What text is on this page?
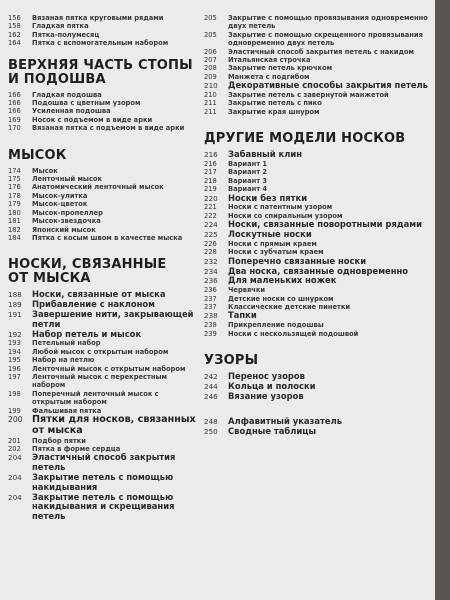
156	Вязаная пятка круговыми рядами
158	Гладкая пятка
162	Пятка-полумесяц
164	Пятка с вспомогательным набором
ВЕРХНЯЯ ЧАСТЬ СТОПЫ
И ПОДОШВА
166	Гладкая подошва
166	Подошва с цветным узором
166	Усиленная подошва
169	Носок с подъемом в виде арки
170	Вязаная пятка с подъемом в виде арки
МЫСОК
174	Мысок
175	Ленточный мысок
176	Анатомический ленточный мысок
178	Мысок-улитка
179	Мысок-цветок
180	Мысок-пропеллер
181	Мысок-звездочка
182	Японский мысок
184	Пятка с косым швом в качестве мыска
НОСКИ, СВЯЗАННЫЕ
ОТ МЫСКА
188	Носки, связанные от мыска
189	Прибавление с наклоном
191	Завершение нити, закрывающей петли
192	Набор петель и мысок
193	Петельный набор
194	Любой мысок с открытым набором
195	Набор на петлю
196	Ленточный мысок с открытым набором
197	Ленточный мысок с перекрестным набором
198	Поперечный ленточный мысок с открытым набором
199	Фальшивая пятка
200 Пятки для носков, связанных от мыска
201	Подбор пятки
202	Пятка в форме сердца
204	Эластичный способ закрытия петель
204	Закрытие петель с помощью накидывания
204	Закрытие петель с помощью накидывания и скрещивания петель
205	Закрытие с помощью провязывания одновременно двух петель
205	Закрытие с помощью скрещенного провязывания одновременно двух петель
206	Эластичный способ закрытия петель с накидом
207	Итальянская строчка
208	Закрытие петель крючком
209	Манжета с подгибом
210	Декоративные способы закрытия петель
210	Закрытие петель с завернутой манжетой
211	Закрытие петель с пико
211	Закрытие края шнуром
ДРУГИЕ МОДЕЛИ НОСКОВ
216	Забавный клин
216	Вариант 1
217	Вариант 2
218	Вариант 3
219	Вариант 4
220	Носки без пятки
221	Носки с патентным узором
222	Носки со спиральным узором
224	Носки, связанные поворотными рядами
225	Лоскутные носки
226	Носки с прямым краем
228	Носки с зубчатым краем
232	Поперечно связанные носки
234	Два носка, связанные одновременно
236	Для маленьких ножек
236	Червячки
237	Детские носки со шнурком
237	Классические детские пинетки
238	Тапки
238	Прикрепление подошвы
239	Носки с нескользящей подошвой
УЗОРЫ
242	Перенос узоров
244	Кольца и полоски
246	Вязание узоров
248	Алфавитный указатель
250	Сводные таблицы
